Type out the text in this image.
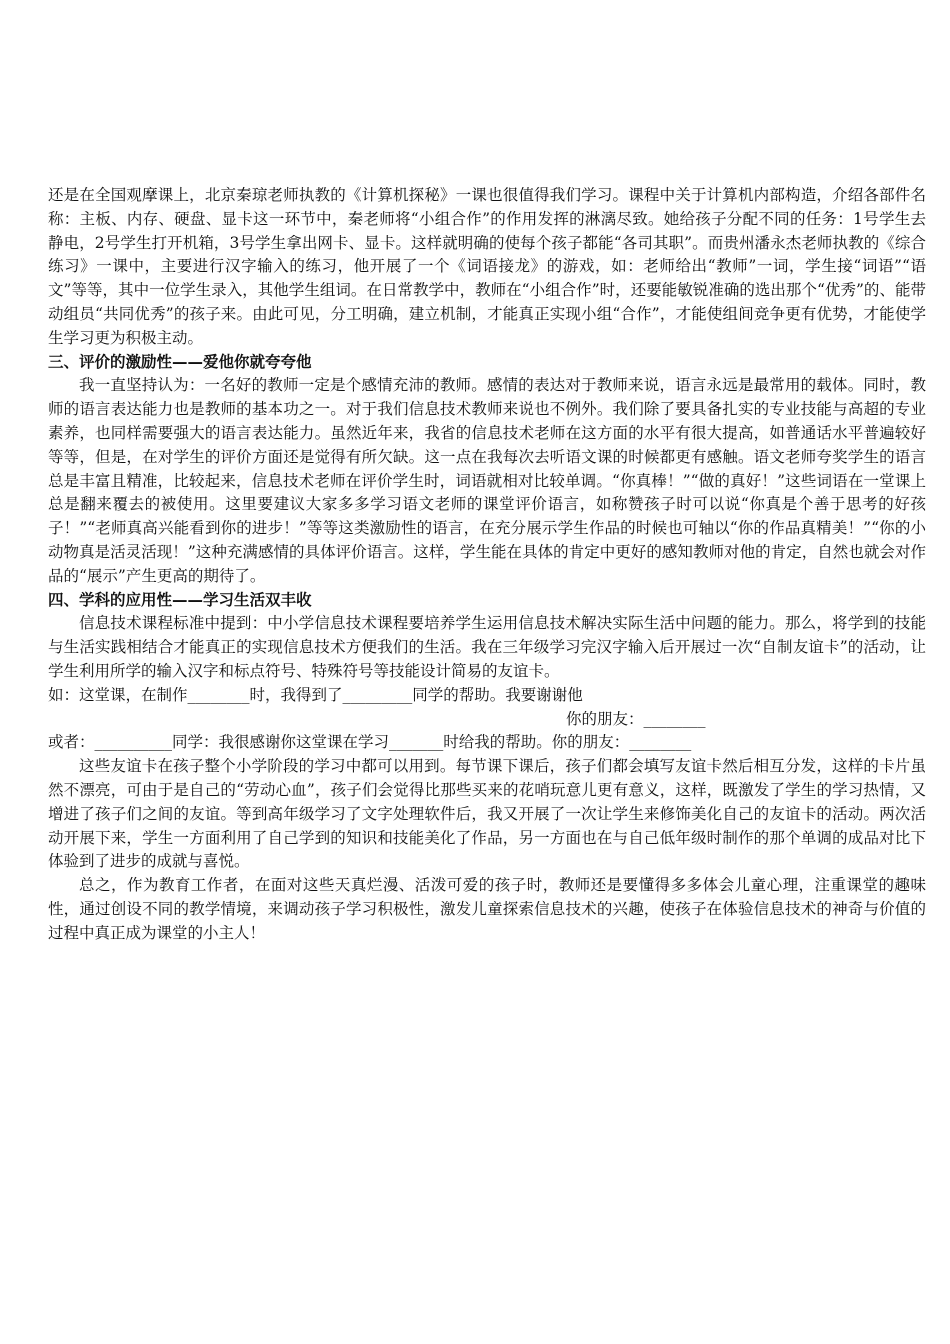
还是在全国观摩课上，北京秦琼老师执教的《计算机探秘》一课也很值得我们学习。课程中关于计算机内部构造，介绍各部件名称：主板、内存、硬盘、显卡这一环节中，秦老师将“小组合作”的作用发挥的淋漓尽致。她给孩子分配不同的任务：1号学生去静电，2号学生打开机箱，3号学生拿出网卡、显卡。这样就明确的使每个孩子都能“各司其职”。而贵州潘永杰老师执教的《综合练习》一课中，主要进行汉字输入的练习，他开展了一个《词语接龙》的游戏，如：老师给出“教师”一词，学生接“词语”“语文”等等，其中一位学生录入，其他学生组词。在日常教学中，教师在“小组合作”时，还要能敏锐准确的选出那个“优秀”的、能带动组员“共同优秀”的孩子来。由此可见，分工明确，建立机制，才能真正实现小组“合作”，才能使组间竞争更有优势，才能使学生学习更为积极主动。

三、评价的激励性——爱他你就夸夸他

我一直坚持认为：一名好的教师一定是个感情充沛的教师。感情的表达对于教师来说，语言永远是最常用的载体。同时，教师的语言表达能力也是教师的基本功之一。对于我们信息技术教师来说也不例外。我们除了要具备扎实的专业技能与高超的专业素养，也同样需要强大的语言表达能力。虽然近年来，我省的信息技术老师在这方面的水平有很大提高，如普通话水平普遍较好等等，但是，在对学生的评价方面还是觉得有所欠缺。这一点在我每次去听语文课的时候都更有感触。语文老师夸奖学生的语言总是丰富且精准，比较起来，信息技术老师在评价学生时，词语就相对比较单调。“你真棒！”“做的真好！”这些词语在一堂课上总是翻来覆去的被使用。这里要建议大家多多学习语文老师的课堂评价语言，如称赞孩子时可以说“你真是个善于思考的好孩子！”“老师真高兴能看到你的进步！”等等这类激励性的语言，在充分展示学生作品的时候也可轴以“你的作品真精美！”“你的小动物真是活灵活现！”这种充满感情的具体评价语言。这样，学生能在具体的肯定中更好的感知教师对他的肯定，自然也就会对作品的“展示”产生更高的期待了。

四、学科的应用性——学习生活双丰收

信息技术课程标准中提到：中小学信息技术课程要培养学生运用信息技术解决实际生活中问题的能力。那么，将学到的技能与生活实践相结合才能真正的实现信息技术方便我们的生活。我在三年级学习完汉字输入后开展过一次“自制友谊卡”的活动，让学生利用所学的输入汉字和标点符号、特殊符号等技能设计简易的友谊卡。

如：这堂课，在制作________时，我得到了_________同学的帮助。我要谢谢他

你的朋友：________

或者：__________同学：我很感谢你这堂课在学习_______时给我的帮助。你的朋友：________

这些友谊卡在孩子整个小学阶段的学习中都可以用到。每节课下课后，孩子们都会填写友谊卡然后相互分发，这样的卡片虽然不漂亮，可由于是自己的“劳动心血”，孩子们会觉得比那些买来的花哨玩意儿更有意义，这样，既激发了学生的学习热情，又增进了孩子们之间的友谊。等到高年级学习了文字处理软件后，我又开展了一次让学生来修饰美化自己的友谊卡的活动。两次活动开展下来，学生一方面利用了自己学到的知识和技能美化了作品，另一方面也在与自己低年级时制作的那个单调的成品对比下体验到了进步的成就与喜悦。

总之，作为教育工作者，在面对这些天真烂漫、活泼可爱的孩子时，教师还是要懂得多多体会儿童心理，注重课堂的趣味性，通过创设不同的教学情境，来调动孩子学习积极性，激发儿童探索信息技术的兴趣，使孩子在体验信息技术的神奇与价值的过程中真正成为课堂的小主人！
